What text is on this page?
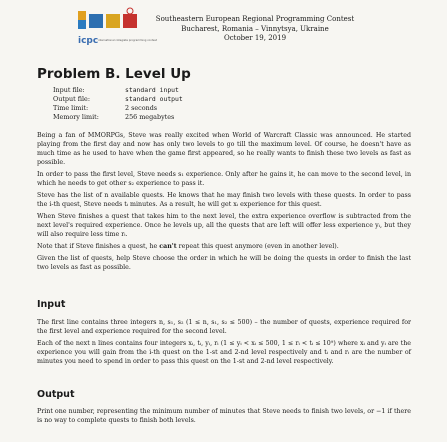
icpc international collegiate programming contest
Southeastern European Regional Programming Contest
Bucharest, Romania – Vinnytsya, Ukraine
October 19, 2019
Problem B. Level Up
Input file:	standard input
Output file:	standard output
Time limit:	2 seconds
Memory limit:	256 megabytes

Being a fan of MMORPGs, Steve was really excited when World of Warcraft Classic was announced. He started playing from the first day and now has only two levels to go till the maximum level. Of course, he doesn't have as much time as he used to have when the game first appeared, so he really wants to finish these two levels as fast as possible.

In order to pass the first level, Steve needs s₁ experience. Only after he gains it, he can move to the second level, in which he needs to get other s₂ experience to pass it.

Steve has the list of n available quests. He knows that he may finish two levels with these quests. In order to pass the i-th quest, Steve needs tᵢ minutes. As a result, he will get xᵢ experience for this quest.

When Steve finishes a quest that takes him to the next level, the extra experience overflow is subtracted from the next level's required experience. Once he levels up, all the quests that are left will offer less experience yᵢ, but they will also require less time rᵢ.

Note that if Steve finishes a quest, he can't repeat this quest anymore (even in another level).

Given the list of quests, help Steve choose the order in which he will be doing the quests in order to finish the last two levels as fast as possible.

Input

The first line contains three integers n, s₁, s₂ (1 ≤ n, s₁, s₂ ≤ 500) – the number of quests, experience required for the first level and experience required for the second level.

Each of the next n lines contains four integers xᵢ, tᵢ, yᵢ, rᵢ (1 ≤ yᵢ < xᵢ ≤ 500, 1 ≤ rᵢ < tᵢ ≤ 10⁹) where xᵢ and yᵢ are the experience you will gain from the i-th quest on the 1-st and 2-nd level respectively and tᵢ and rᵢ are the number of minutes you need to spend in order to pass this quest on the 1-st and 2-nd level respectively.

Output

Print one number, representing the minimum number of minutes that Steve needs to finish two levels, or −1 if there is no way to complete quests to finish both levels.
